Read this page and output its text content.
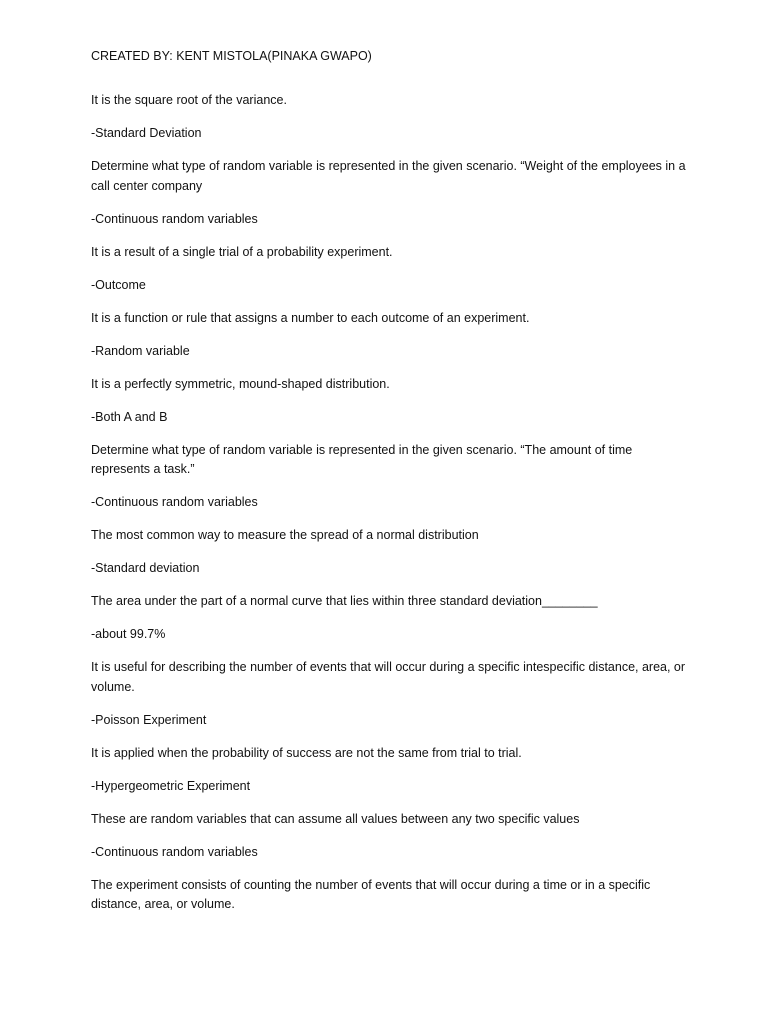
CREATED BY: KENT MISTOLA(PINAKA GWAPO)

It is the square root of the variance.

-Standard Deviation

Determine what type of random variable is represented in the given scenario. “Weight of the employees in a call center company

-Continuous random variables

It is a result of a single trial of a probability experiment.

-Outcome

It is a function or rule that assigns a number to each outcome of an experiment.

-Random variable

It is a perfectly symmetric, mound-shaped distribution.

-Both A and B

Determine what type of random variable is represented in the given scenario. “The amount of time represents a task.”

-Continuous random variables

The most common way to measure the spread of a normal distribution

-Standard deviation

The area under the part of a normal curve that lies within three standard deviation________

-about 99.7%

It is useful for describing the number of events that will occur during a specific intespecific distance, area, or volume.

-Poisson Experiment

It is applied when the probability of success are not the same from trial to trial.

-Hypergeometric Experiment

These are random variables that can assume all values between any two specific values

-Continuous random variables

The experiment consists of counting the number of events that will occur during a time or in a specific distance, area, or volume.
